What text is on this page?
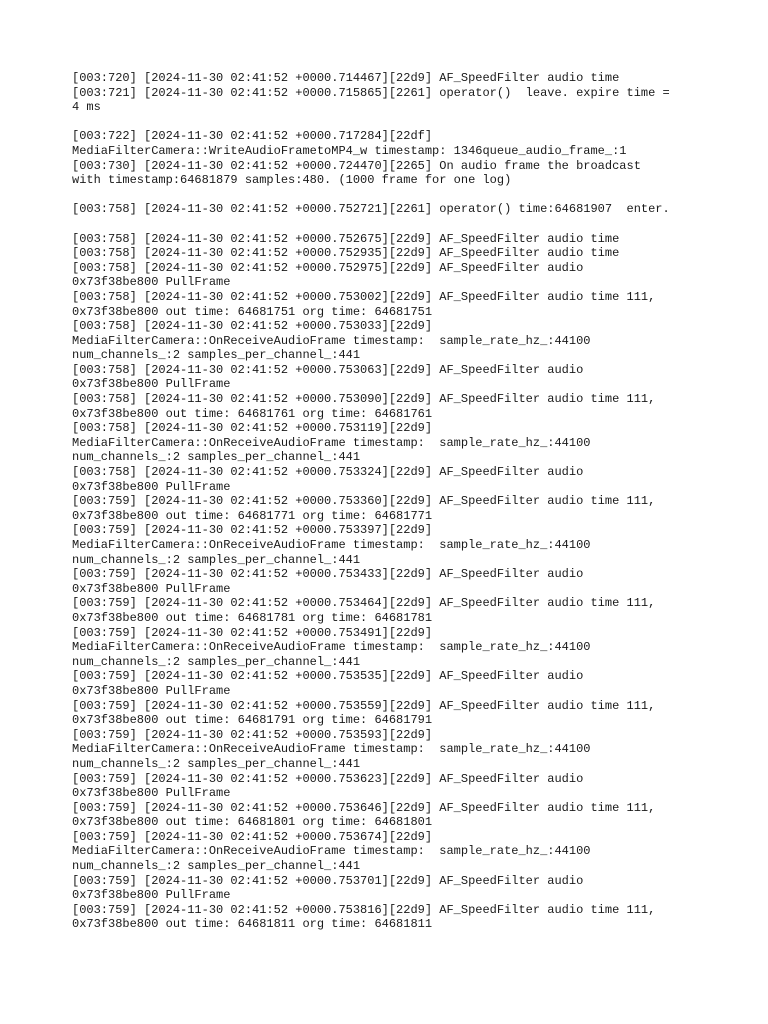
[003:720] [2024-11-30 02:41:52 +0000.714467][22d9] AF_SpeedFilter audio time
[003:721] [2024-11-30 02:41:52 +0000.715865][2261] operator()  leave. expire time =
4 ms
[003:722] [2024-11-30 02:41:52 +0000.717284][22df]
MediaFilterCamera::WriteAudioFrametoMP4_w timestamp: 1346queue_audio_frame_:1
[003:730] [2024-11-30 02:41:52 +0000.724470][2265] On audio frame the broadcast
with timestamp:64681879 samples:480. (1000 frame for one log)
[003:758] [2024-11-30 02:41:52 +0000.752721][2261] operator() time:64681907  enter.
[003:758] [2024-11-30 02:41:52 +0000.752675][22d9] AF_SpeedFilter audio time
[003:758] [2024-11-30 02:41:52 +0000.752935][22d9] AF_SpeedFilter audio time
[003:758] [2024-11-30 02:41:52 +0000.752975][22d9] AF_SpeedFilter audio
0x73f38be800 PullFrame
[003:758] [2024-11-30 02:41:52 +0000.753002][22d9] AF_SpeedFilter audio time 111,
0x73f38be800 out time: 64681751 org time: 64681751
[003:758] [2024-11-30 02:41:52 +0000.753033][22d9]
MediaFilterCamera::OnReceiveAudioFrame timestamp:  sample_rate_hz_:44100
num_channels_:2 samples_per_channel_:441
[003:758] [2024-11-30 02:41:52 +0000.753063][22d9] AF_SpeedFilter audio
0x73f38be800 PullFrame
[003:758] [2024-11-30 02:41:52 +0000.753090][22d9] AF_SpeedFilter audio time 111,
0x73f38be800 out time: 64681761 org time: 64681761
[003:758] [2024-11-30 02:41:52 +0000.753119][22d9]
MediaFilterCamera::OnReceiveAudioFrame timestamp:  sample_rate_hz_:44100
num_channels_:2 samples_per_channel_:441
[003:758] [2024-11-30 02:41:52 +0000.753324][22d9] AF_SpeedFilter audio
0x73f38be800 PullFrame
[003:759] [2024-11-30 02:41:52 +0000.753360][22d9] AF_SpeedFilter audio time 111,
0x73f38be800 out time: 64681771 org time: 64681771
[003:759] [2024-11-30 02:41:52 +0000.753397][22d9]
MediaFilterCamera::OnReceiveAudioFrame timestamp:  sample_rate_hz_:44100
num_channels_:2 samples_per_channel_:441
[003:759] [2024-11-30 02:41:52 +0000.753433][22d9] AF_SpeedFilter audio
0x73f38be800 PullFrame
[003:759] [2024-11-30 02:41:52 +0000.753464][22d9] AF_SpeedFilter audio time 111,
0x73f38be800 out time: 64681781 org time: 64681781
[003:759] [2024-11-30 02:41:52 +0000.753491][22d9]
MediaFilterCamera::OnReceiveAudioFrame timestamp:  sample_rate_hz_:44100
num_channels_:2 samples_per_channel_:441
[003:759] [2024-11-30 02:41:52 +0000.753535][22d9] AF_SpeedFilter audio
0x73f38be800 PullFrame
[003:759] [2024-11-30 02:41:52 +0000.753559][22d9] AF_SpeedFilter audio time 111,
0x73f38be800 out time: 64681791 org time: 64681791
[003:759] [2024-11-30 02:41:52 +0000.753593][22d9]
MediaFilterCamera::OnReceiveAudioFrame timestamp:  sample_rate_hz_:44100
num_channels_:2 samples_per_channel_:441
[003:759] [2024-11-30 02:41:52 +0000.753623][22d9] AF_SpeedFilter audio
0x73f38be800 PullFrame
[003:759] [2024-11-30 02:41:52 +0000.753646][22d9] AF_SpeedFilter audio time 111,
0x73f38be800 out time: 64681801 org time: 64681801
[003:759] [2024-11-30 02:41:52 +0000.753674][22d9]
MediaFilterCamera::OnReceiveAudioFrame timestamp:  sample_rate_hz_:44100
num_channels_:2 samples_per_channel_:441
[003:759] [2024-11-30 02:41:52 +0000.753701][22d9] AF_SpeedFilter audio
0x73f38be800 PullFrame
[003:759] [2024-11-30 02:41:52 +0000.753816][22d9] AF_SpeedFilter audio time 111,
0x73f38be800 out time: 64681811 org time: 64681811
